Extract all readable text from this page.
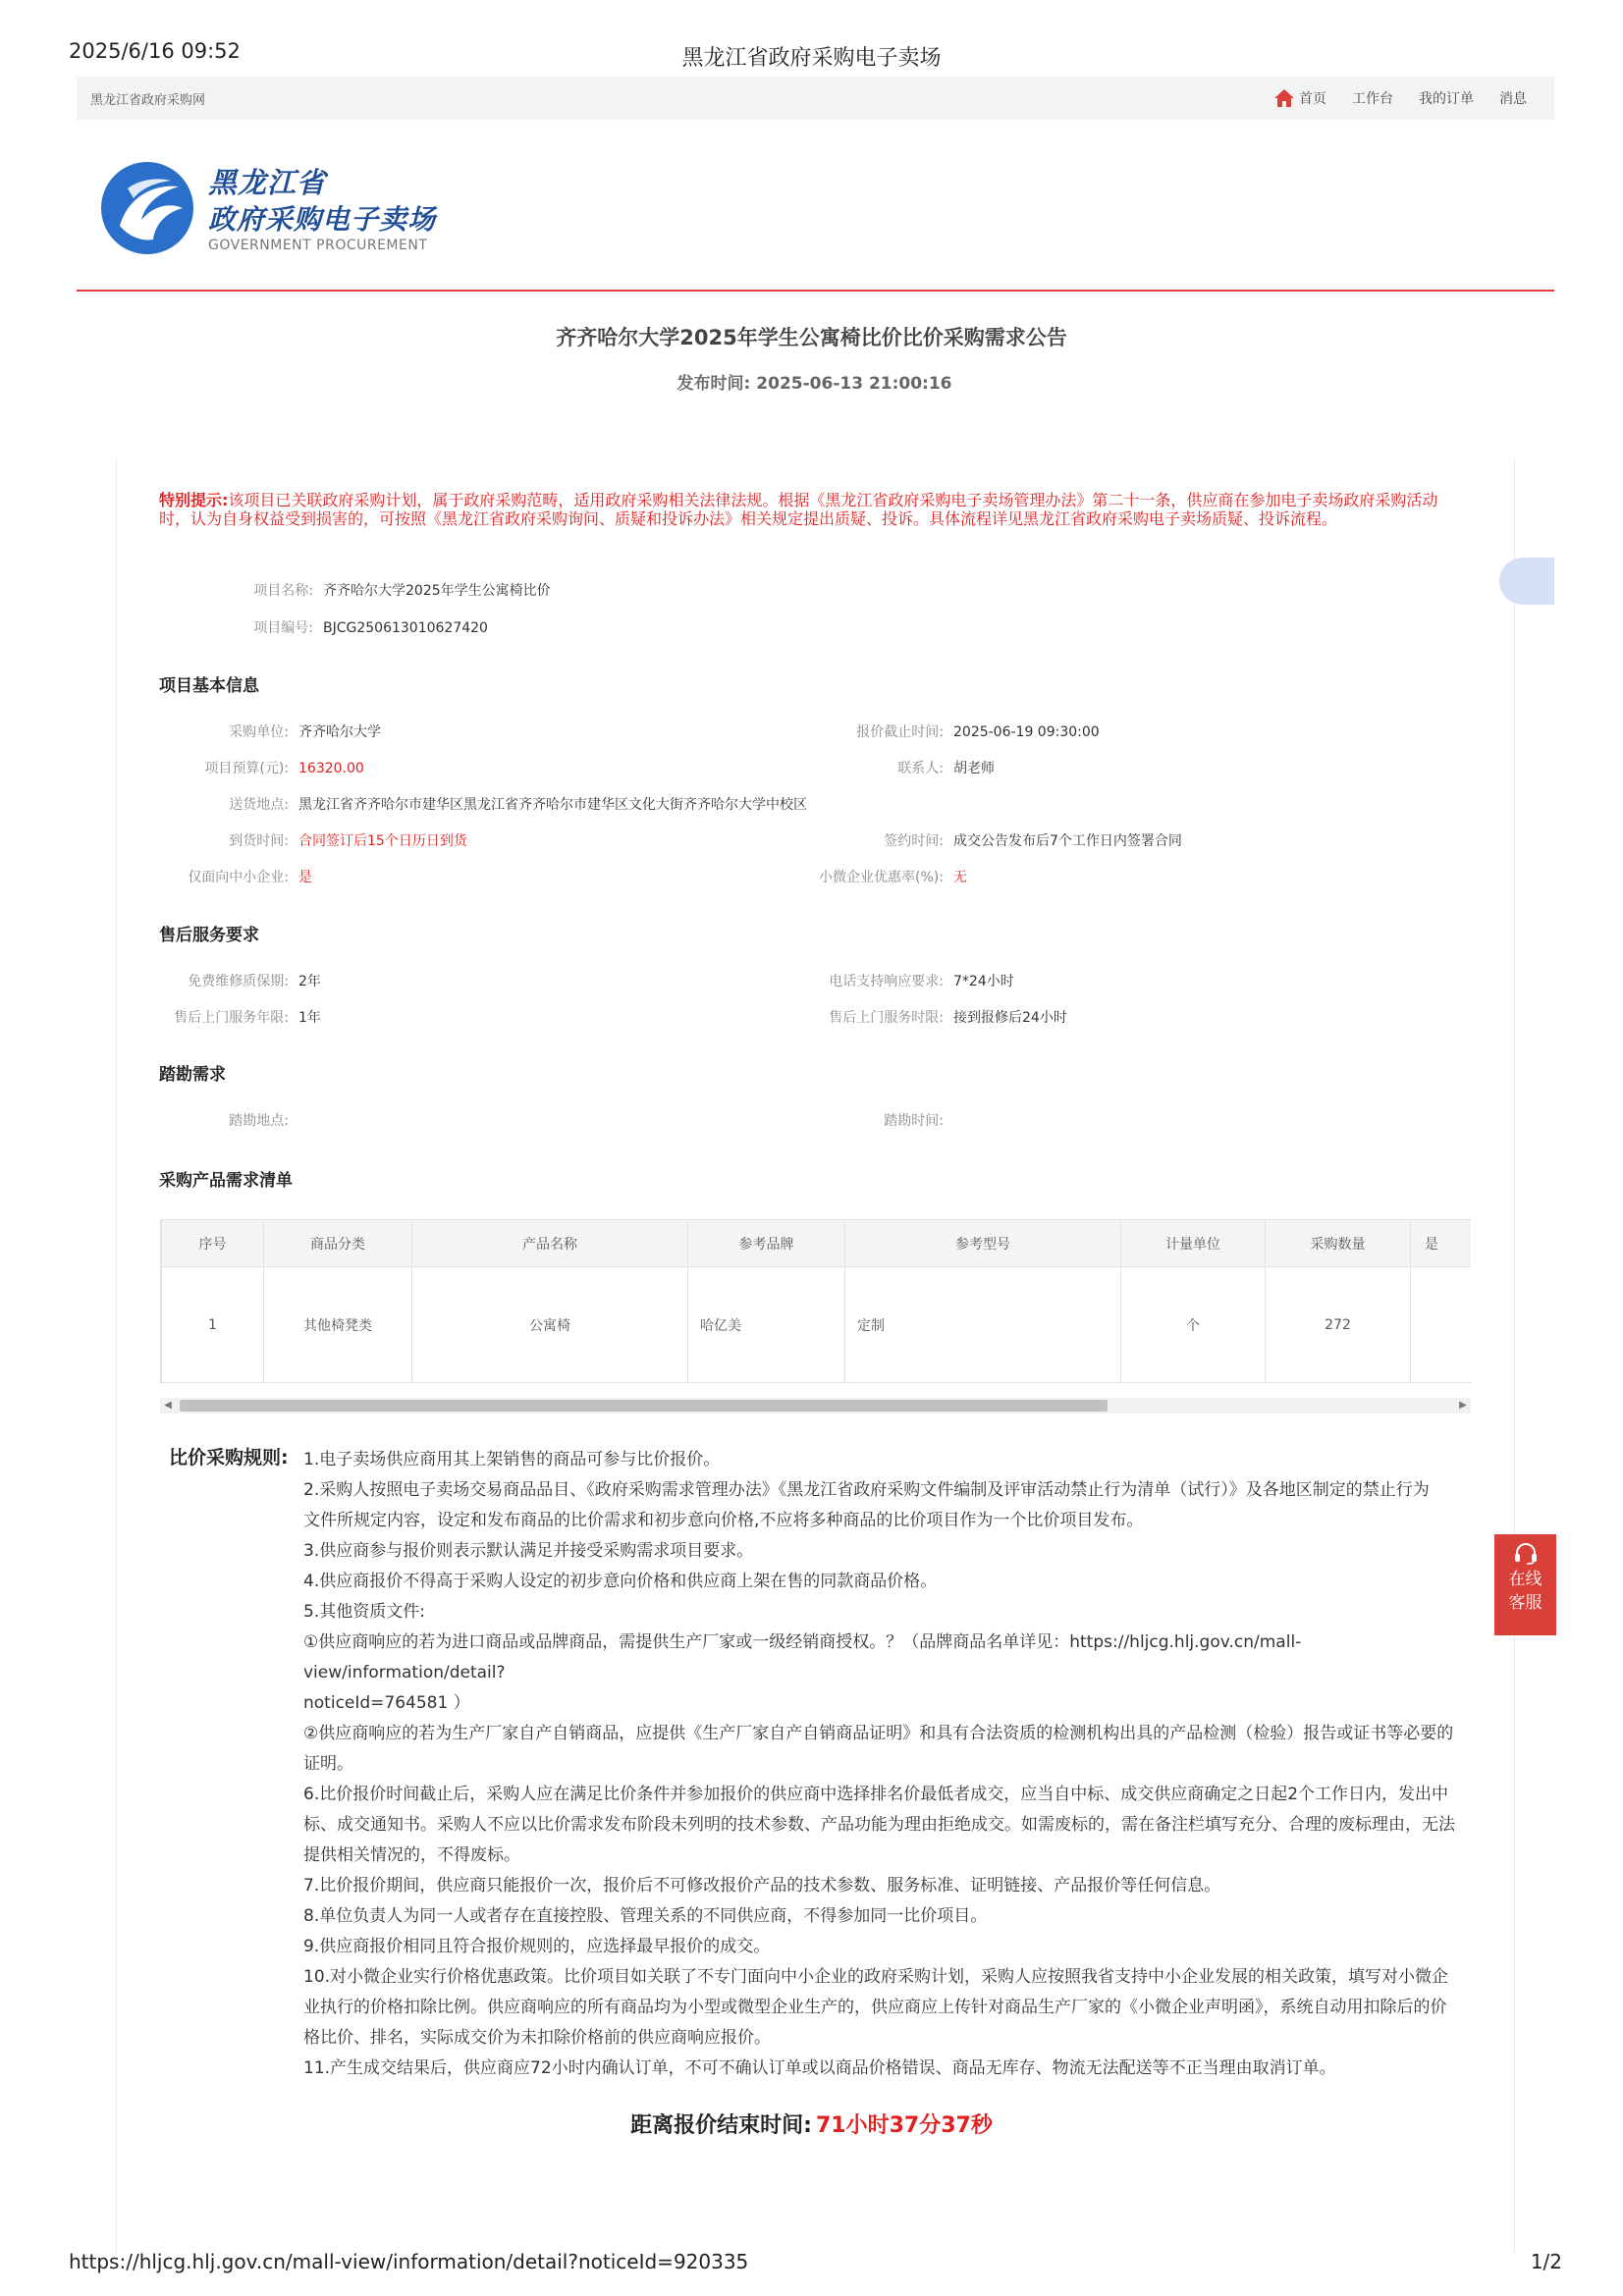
2025/6/16 09:52	黑龙江省政府采购电子卖场
黑龙江省政府采购网	首页 工作台 我的订单 消息
黑龙江省
政府采购电子卖场
GOVERNMENT PROCUREMENT
齐齐哈尔大学2025年学生公寓椅比价比价采购需求公告
发布时间: 2025-06-13 21:00:16
特别提示:该项目已关联政府采购计划，属于政府采购范畴，适用政府采购相关法律法规。根据《黑龙江省政府采购电子卖场管理办法》第二十一条，供应商在参加电子卖场政府采购活动时，认为自身权益受到损害的，可按照《黑龙江省政府采购询问、质疑和投诉办法》相关规定提出质疑、投诉。具体流程详见黑龙江省政府采购电子卖场质疑、投诉流程。
项目名称: 齐齐哈尔大学2025年学生公寓椅比价
项目编号: BJCG250613010627420
项目基本信息
采购单位: 齐齐哈尔大学	报价截止时间: 2025-06-19 09:30:00
项目预算(元): 16320.00	联系人: 胡老师
送货地点: 黑龙江省齐齐哈尔市建华区黑龙江省齐齐哈尔市建华区文化大街齐齐哈尔大学中校区
到货时间: 合同签订后15个日历日到货	签约时间: 成交公告发布后7个工作日内签署合同
仅面向中小企业: 是	小微企业优惠率(%): 无
售后服务要求
免费维修质保期: 2年	电话支持响应要求: 7*24小时
售后上门服务年限: 1年	售后上门服务时限: 接到报修后24小时
踏勘需求
踏勘地点:	踏勘时间:
采购产品需求清单
序号	商品分类	产品名称	参考品牌	参考型号	计量单位	采购数量	是
1	其他椅凳类	公寓椅	哈亿美	定制	个	272	
◀	▶
比价采购规则: 1.电子卖场供应商用其上架销售的商品可参与比价报价。
2.采购人按照电子卖场交易商品品目、《政府采购需求管理办法》《黑龙江省政府采购文件编制及评审活动禁止行为清单（试行）》及各地区制定的禁止行为
文件所规定内容，设定和发布商品的比价需求和初步意向价格,不应将多种商品的比价项目作为一个比价项目发布。
3.供应商参与报价则表示默认满足并接受采购需求项目要求。
4.供应商报价不得高于采购人设定的初步意向价格和供应商上架在售的同款商品价格。
5.其他资质文件:
①供应商响应的若为进口商品或品牌商品，需提供生产厂家或一级经销商授权。？（品牌商品名单详见：https://hljcg.hlj.gov.cn/mall-view/information/detail?
noticeId=764581 ）
②供应商响应的若为生产厂家自产自销商品，应提供《生产厂家自产自销商品证明》和具有合法资质的检测机构出具的产品检测（检验）报告或证书等必要的
证明。
6.比价报价时间截止后，采购人应在满足比价条件并参加报价的供应商中选择排名价最低者成交，应当自中标、成交供应商确定之日起2个工作日内，发出中
标、成交通知书。采购人不应以比价需求发布阶段未列明的技术参数、产品功能为理由拒绝成交。如需废标的，需在备注栏填写充分、合理的废标理由，无法
提供相关情况的，不得废标。
7.比价报价期间，供应商只能报价一次，报价后不可修改报价产品的技术参数、服务标准、证明链接、产品报价等任何信息。
8.单位负责人为同一人或者存在直接控股、管理关系的不同供应商，不得参加同一比价项目。
9.供应商报价相同且符合报价规则的，应选择最早报价的成交。
10.对小微企业实行价格优惠政策。比价项目如关联了不专门面向中小企业的政府采购计划，采购人应按照我省支持中小企业发展的相关政策，填写对小微企
业执行的价格扣除比例。供应商响应的所有商品均为小型或微型企业生产的，供应商应上传针对商品生产厂家的《小微企业声明函》，系统自动用扣除后的价
格比价、排名，实际成交价为未扣除价格前的供应商响应报价。
11.产生成交结果后，供应商应72小时内确认订单，不可不确认订单或以商品价格错误、商品无库存、物流无法配送等不正当理由取消订单。
在线
客服
距离报价结束时间: 71小时37分37秒
https://hljcg.hlj.gov.cn/mall-view/information/detail?noticeId=920335	1/2
